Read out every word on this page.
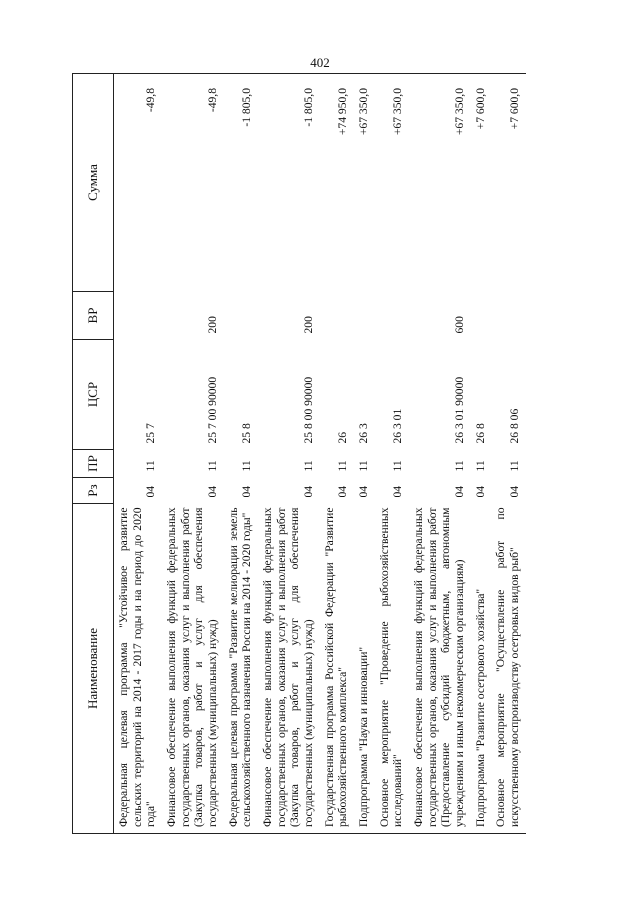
402
Наименование	Рз	ПР	ЦСР	ВР	Сумма
Федеральная целевая программа "Устойчивое развитие сельских территорий на 2014 - 2017 годы и на период до 2020 года"	04	11	25 7		-49,8
Финансовое обеспечение выполнения функций федеральных государственных органов, оказания услуг и выполнения работ (Закупка товаров, работ и услуг для обеспечения государственных (муниципальных) нужд)	04	11	25 7 00 90000	200	-49,8
Федеральная целевая программа "Развитие мелиорации земель сельскохозяйственного назначения России на 2014 - 2020 годы"	04	11	25 8		-1 805,0
Финансовое обеспечение выполнения функций федеральных государственных органов, оказания услуг и выполнения работ (Закупка товаров, работ и услуг для обеспечения государственных (муниципальных) нужд)	04	11	25 8 00 90000	200	-1 805,0
Государственная программа Российской Федерации "Развитие рыбохозяйственного комплекса"	04	11	26		+74 950,0
Подпрограмма "Наука и инновации"	04	11	26 3		+67 350,0
Основное мероприятие "Проведение рыбохозяйственных исследований"	04	11	26 3 01		+67 350,0
Финансовое обеспечение выполнения функций федеральных государственных органов, оказания услуг и выполнения работ (Предоставление субсидий бюджетным, автономным учреждениям и иным некоммерческим организациям)	04	11	26 3 01 90000	600	+67 350,0
Подпрограмма "Развитие осетрового хозяйства"	04	11	26 8		+7 600,0
Основное мероприятие "Осуществление работ по искусственному воспроизводству осетровых видов рыб"	04	11	26 8 06		+7 600,0
